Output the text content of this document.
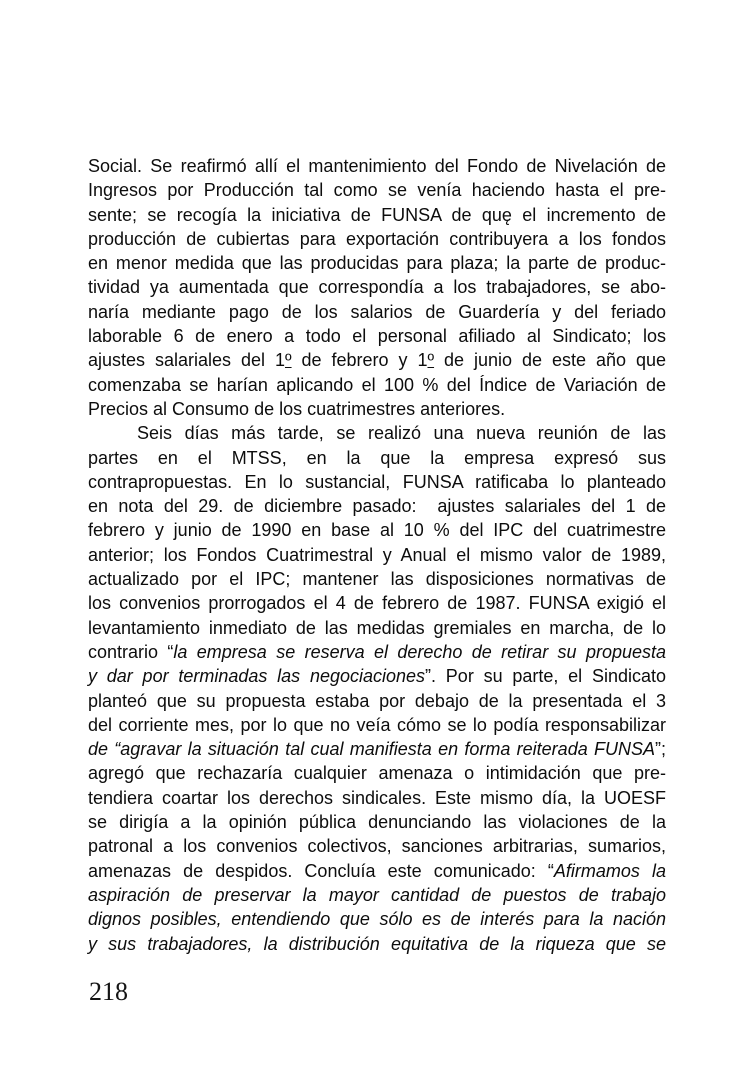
Social. Se reafirmó allí el mantenimiento del Fondo de Nivelación de
Ingresos por Producción tal como se venía haciendo hasta el pre-
sente; se recogía la iniciativa de FUNSA de quę el incremento de
producción de cubiertas para exportación contribuyera a los fondos
en menor medida que las producidas para plaza; la parte de produc-
tividad ya aumentada que correspondía a los trabajadores, se abo-
naría mediante pago de los salarios de Guardería y del feriado
laborable 6 de enero a todo el personal afiliado al Sindicato; los
ajustes salariales del 1º de febrero y 1º de junio de este año que
comenzaba se harían aplicando el 100 % del Índice de Variación de
Precios al Consumo de los cuatrimestres anteriores.
Seis días más tarde, se realizó una nueva reunión de las
partes en el MTSS, en la que la empresa expresó sus
contrapropuestas. En lo sustancial, FUNSA ratificaba lo planteado
en nota del 29. de diciembre pasado:  ajustes salariales del 1 de
febrero y junio de 1990 en base al 10 % del IPC del cuatrimestre
anterior; los Fondos Cuatrimestral y Anual el mismo valor de 1989,
actualizado por el IPC; mantener las disposiciones normativas de
los convenios prorrogados el 4 de febrero de 1987. FUNSA exigió el
levantamiento inmediato de las medidas gremiales en marcha, de lo
contrario “la empresa se reserva el derecho de retirar su propuesta
y dar por terminadas las negociaciones”. Por su parte, el Sindicato
planteó que su propuesta estaba por debajo de la presentada el 3
del corriente mes, por lo que no veía cómo se lo podía responsabilizar
de “agravar la situación tal cual manifiesta en forma reiterada FUNSA”;
agregó que rechazaría cualquier amenaza o intimidación que pre-
tendiera coartar los derechos sindicales. Este mismo día, la UOESF
se dirigía a la opinión pública denunciando las violaciones de la
patronal a los convenios colectivos, sanciones arbitrarias, sumarios,
amenazas de despidos. Concluía este comunicado: “Afirmamos la
aspiración de preservar la mayor cantidad de puestos de trabajo
dignos posibles, entendiendo que sólo es de interés para la nación
y sus trabajadores, la distribución equitativa de la riqueza que se
218
